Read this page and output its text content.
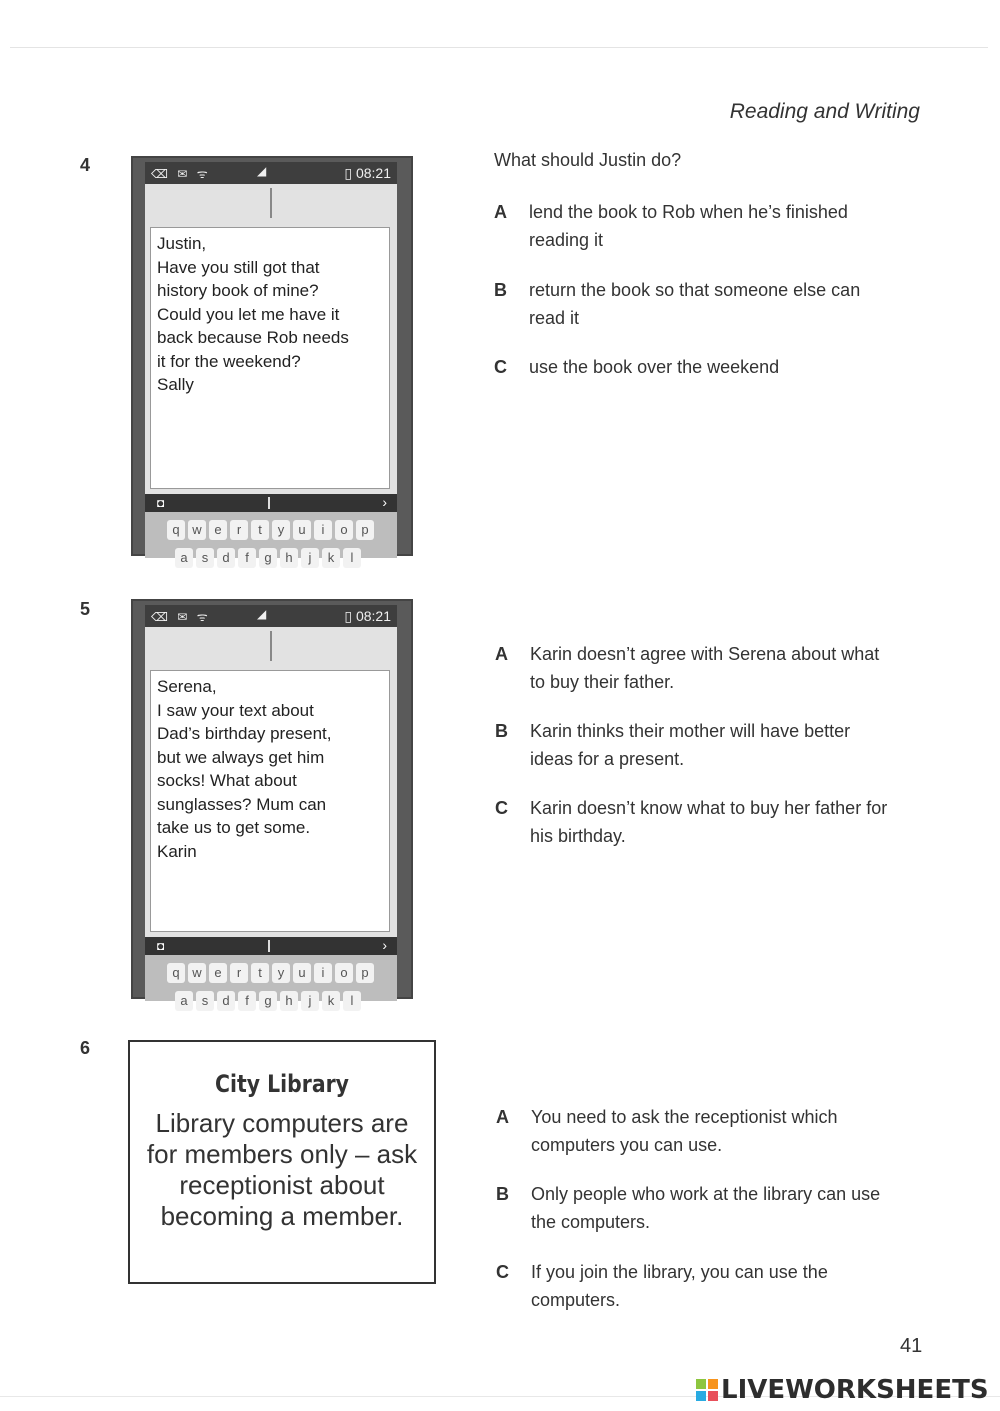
Reading and Writing
4	⌫ ✉ ᯤ	◢	▯ 08:21
Justin,
Have you still got that
history book of mine?
Could you let me have it
back because Rob needs
it for the weekend?
Sally
◘	›
q w e	r	t	y	u	i	o	p
a	s	d	f	g	h	j	k	l
What should Justin do?
A lend the book to Rob when he’s finished reading it
B return the book so that someone else can read it
C use the book over the weekend
5	⌫ ✉ ᯤ	◢	▯ 08:21
Serena,
I saw your text about
Dad’s birthday present,
but we always get him
socks! What about
sunglasses? Mum can
take us to get some.
Karin
◘	›
q w e	r	t	y	u	i	o	p
a	s	d	f	g	h	j	k	l
A Karin doesn’t agree with Serena about what to buy their father.
B Karin thinks their mother will have better ideas for a present.
C Karin doesn’t know what to buy her father for his birthday.
6
City Library
Library computers are for members only – ask receptionist about becoming a member.
A You need to ask the receptionist which computers you can use.
B Only people who work at the library can use the computers.
C If you join the library, you can use the computers.
41
LIVEWORKSHEETS
